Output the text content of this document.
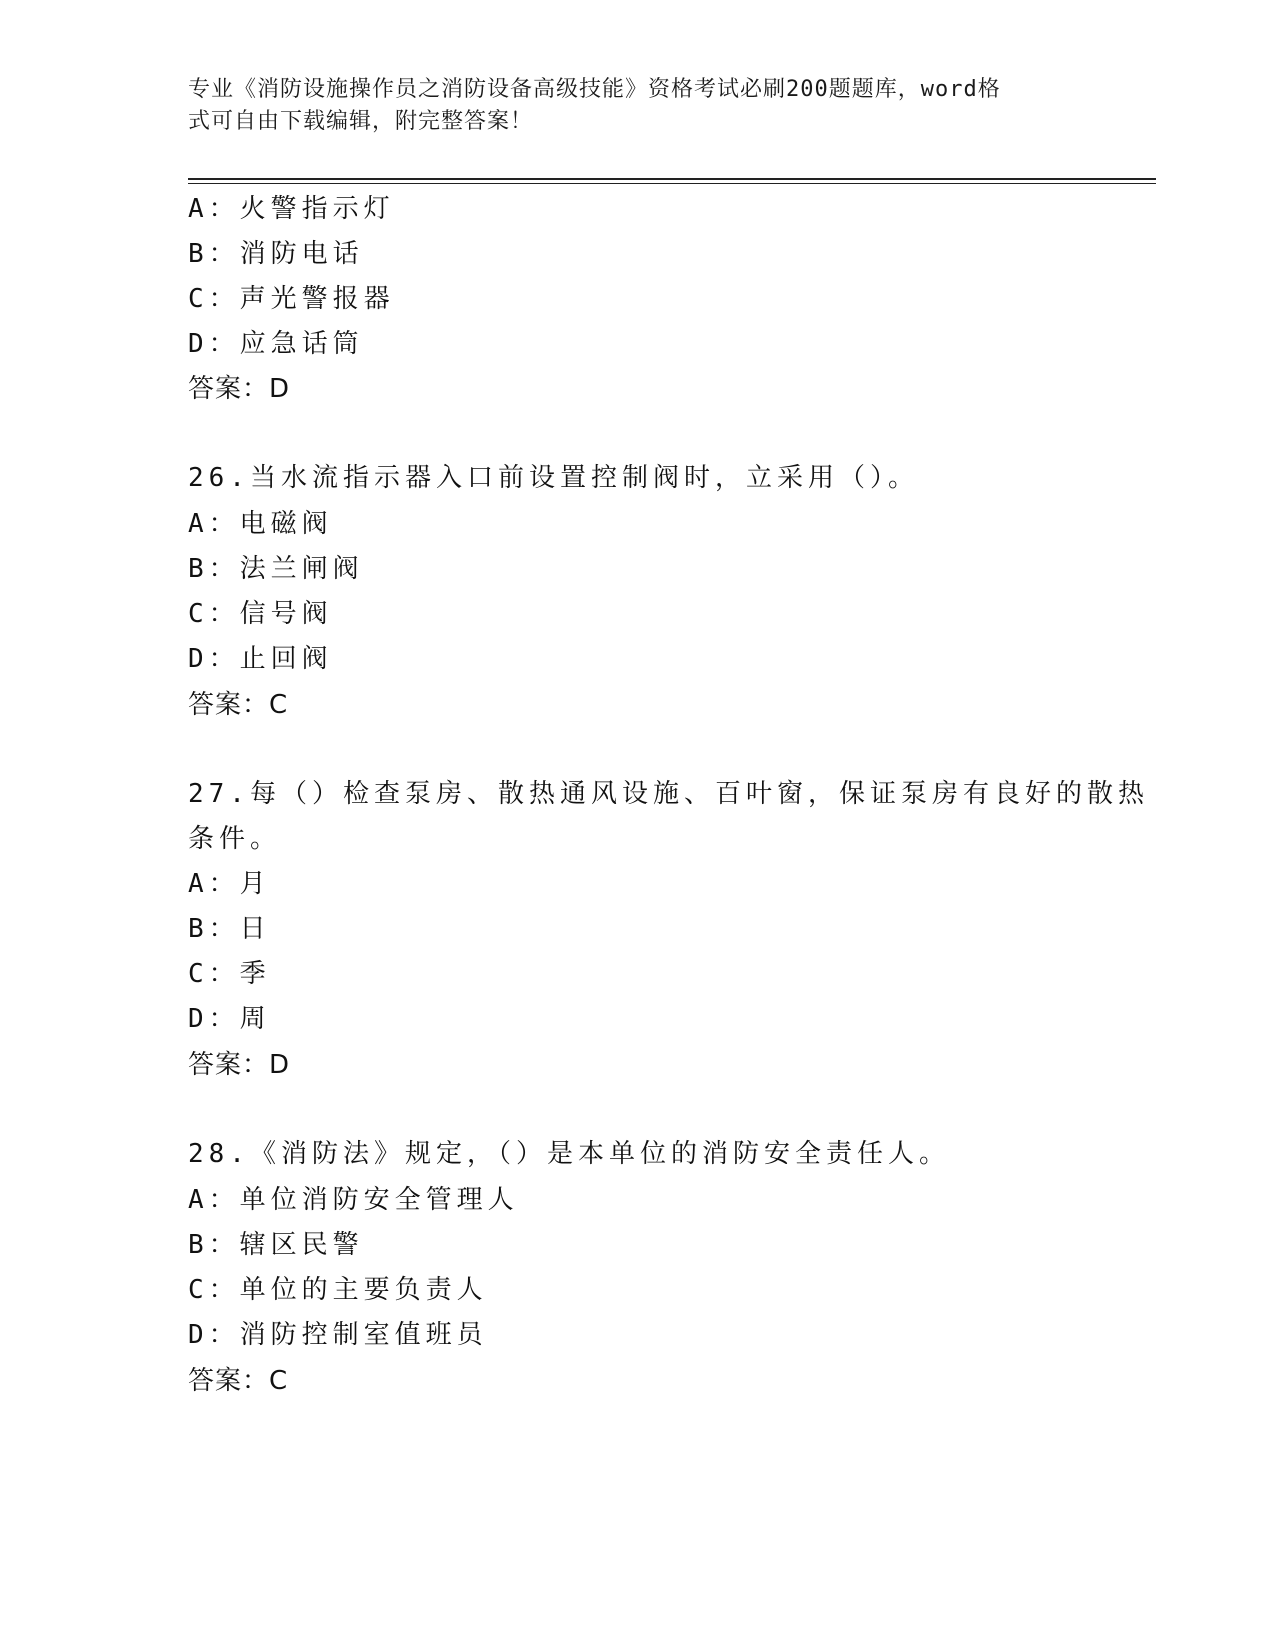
专业《消防设施操作员之消防设备高级技能》资格考试必刷200题题库，word格
式可自由下载编辑，附完整答案！
A：火警指示灯
B：消防电话
C：声光警报器
D：应急话筒
答案：D
26.当水流指示器入口前设置控制阀时，立采用（）。
A：电磁阀
B：法兰闸阀
C：信号阀
D：止回阀
答案：C
27.每（）检查泵房、散热通风设施、百叶窗，保证泵房有良好的散热
条件。
A：月
B：日
C：季
D：周
答案：D
28.《消防法》规定，（）是本单位的消防安全责任人。
A：单位消防安全管理人
B：辖区民警
C：单位的主要负责人
D：消防控制室值班员
答案：C
